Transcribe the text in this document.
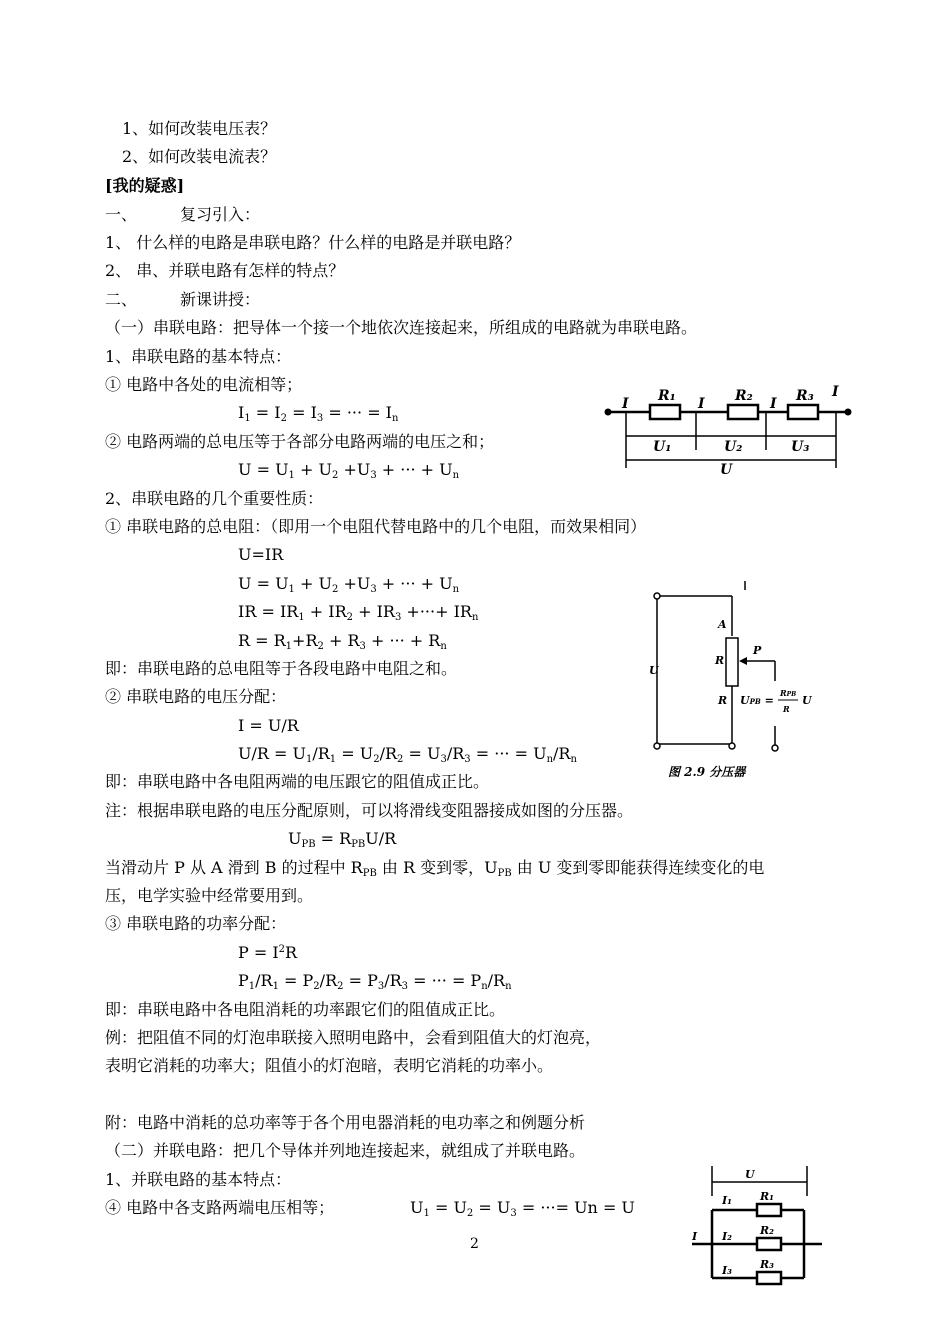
1、如何改装电压表？
2、如何改装电流表？
[我的疑惑]
一、	复习引入：
1、 什么样的电路是串联电路？什么样的电路是并联电路？
2、 串、并联电路有怎样的特点？
二、	新课讲授：
（一）串联电路：把导体一个接一个地依次连接起来，所组成的电路就为串联电路。
1、串联电路的基本特点：
① 电路中各处的电流相等；
$I_1 = I_2 = I_3$ = ··· = $I_n$
② 电路两端的总电压等于各部分电路两端的电压之和；
$U = U_1 + U_2 +U_3$ + ··· + $U_n$
2、串联电路的几个重要性质：
① 串联电路的总电阻：（即用一个电阻代替电路中的几个电阻，而效果相同）
U=IR
$U = U_1 + U_2 +U_3$ + ··· + $U_n$
IR = $IR_1 + IR_2 + IR_3$ +···+ $IR_n$
$R = R_1+R_2 + R_3$ + ··· + $R_n$
即：串联电路的总电阻等于各段电路中电阻之和。
② 串联电路的电压分配：
I = U/R
$U/R = U_1/R_1 = U_2/R_2 = U_3/R_3$ = ··· = $U_n/R_n$
即：串联电路中各电阻两端的电压跟它的阻值成正比。
注：根据串联电路的电压分配原则，可以将滑线变阻器接成如图的分压器。
$U_{PB} = R_{PB}U/R$
当滑动片 P 从 A 滑到 B 的过程中 $R_{PB}$ 由 R 变到零，$U_{PB}$ 由 U 变到零即能获得连续变化的电
压，电学实验中经常要用到。
③ 串联电路的功率分配：
$P = I^2R$
$P_1/R_1 = P_2/R_2 = P_3/R_3$ = ··· = $P_n/R_n$
即：串联电路中各电阻消耗的功率跟它们的阻值成正比。
例：把阻值不同的灯泡串联接入照明电路中，会看到阻值大的灯泡亮，
表明它消耗的功率大；阻值小的灯泡暗，表明它消耗的功率小。
附：电路中消耗的总功率等于各个用电器消耗的电功率之和例题分析
（二）并联电路：把几个导体并列地连接起来，就组成了并联电路。
1、并联电路的基本特点：
④ 电路中各支路两端电压相等；	$U_1 = U_2 = U_3$ = ···= Un = U
2
I R₁ I R₂ I R₃ I
U₁	U₂	U₃
U
U
A
R
P
R UPB =
RPB
R
U
图 2.9 分压器
U
I₁	R₁
I I₂	R₂
I₃	R₃
